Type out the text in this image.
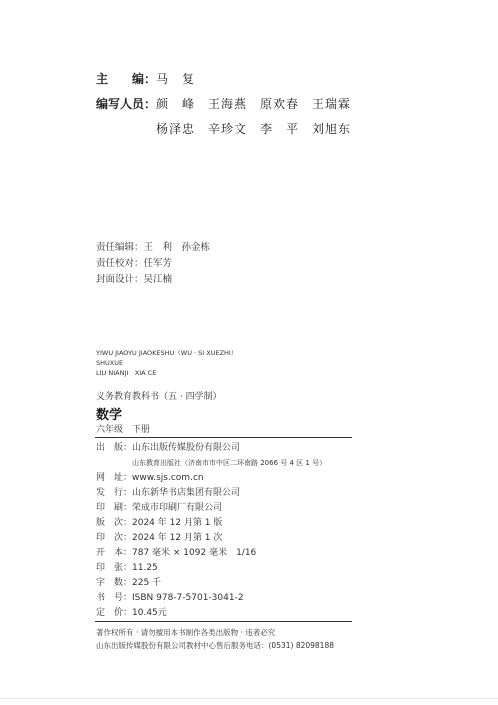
主　　编：马　复
编写人员：颜　峰　王海燕　原欢春　王瑞霖
杨泽忠　辛珍文　李　平　刘旭东
责任编辑：王　利　孙金栋
责任校对：任军芳
封面设计：吴江楠
YIWU JIAOYU JIAOKESHU（WU · SI XUEZHI）
SHUXUE
LIU NIANJI　XIA CE
义务教育教科书（五 · 四学制）
数学
六年级　下册
出　版： 山东出版传媒股份有限公司
山东教育出版社（济南市市中区二环南路 2066 号 4 区 1 号）
网　址： www.sjs.com.cn
发　行： 山东新华书店集团有限公司
印　刷： 荣成市印刷厂有限公司
版　次： 2024 年 12 月第 1 版
印　次： 2024 年 12 月第 1 次
开　本： 787 毫米 × 1092 毫米　1/16
印　张： 11.25
字　数： 225 千
书　号： ISBN 978-7-5701-3041-2
定　价： 10.45元
著作权所有 · 请勿擅用本书制作各类出版物 · 违者必究
山东出版传媒股份有限公司教材中心售后服务电话：(0531) 82098188
